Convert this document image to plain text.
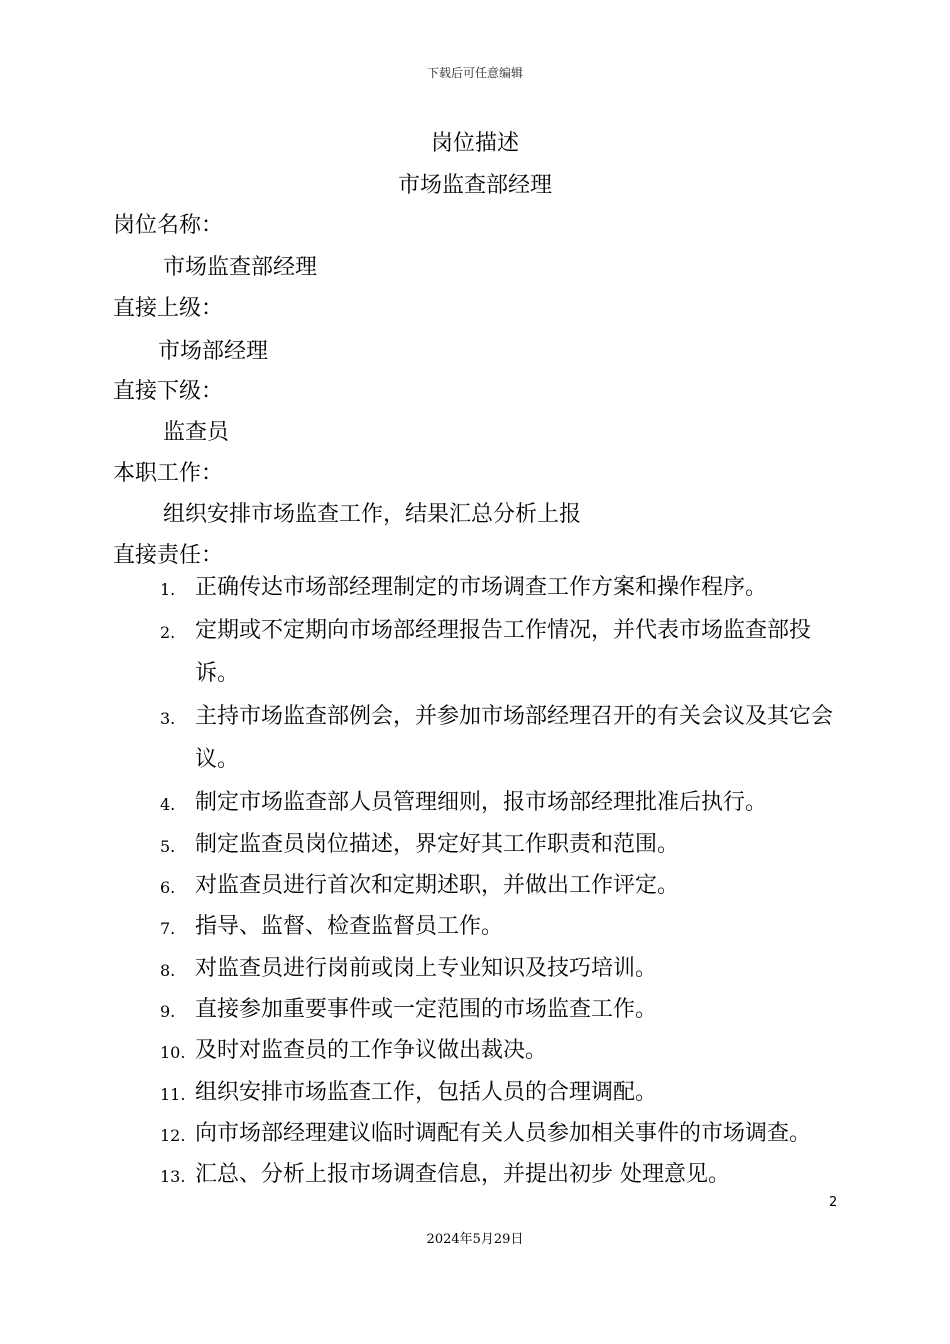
下载后可任意编辑
岗位描述
市场监查部经理
岗位名称：
市场监查部经理
直接上级：
市场部经理
直接下级：
监查员
本职工作：
组织安排市场监查工作，结果汇总分析上报
直接责任：
1. 正确传达市场部经理制定的市场调查工作方案和操作程序。
2. 定期或不定期向市场部经理报告工作情况，并代表市场监查部投诉。
3. 主持市场监查部例会，并参加市场部经理召开的有关会议及其它会议。
4. 制定市场监查部人员管理细则，报市场部经理批准后执行。
5. 制定监查员岗位描述，界定好其工作职责和范围。
6. 对监查员进行首次和定期述职，并做出工作评定。
7. 指导、监督、检查监督员工作。
8. 对监查员进行岗前或岗上专业知识及技巧培训。
9. 直接参加重要事件或一定范围的市场监查工作。
10. 及时对监查员的工作争议做出裁决。
11. 组织安排市场监查工作，包括人员的合理调配。
12. 向市场部经理建议临时调配有关人员参加相关事件的市场调查。
13. 汇总、分析上报市场调查信息，并提出初步 处理意见。
2
2024年5月29日
